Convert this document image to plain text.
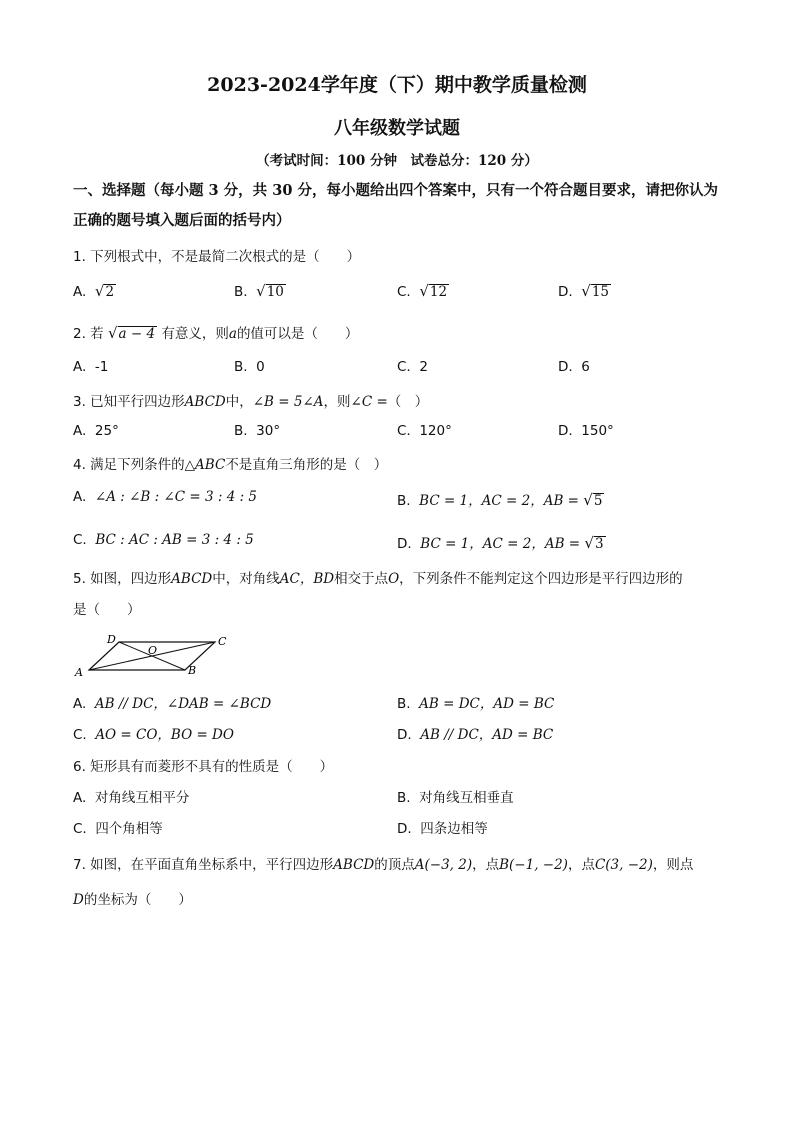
2023-2024学年度（下）期中教学质量检测
八年级数学试题
（考试时间：100 分钟　试卷总分：120 分）
一、选择题（每小题 3 分，共 30 分，每小题给出四个答案中，只有一个符合题目要求，请把你认为正确的题号填入题后面的括号内）
1. 下列根式中，不是最简二次根式的是（　　）
A. √2	B. √10	C. √12	D. √15
2. 若 √a − 4 有意义，则a的值可以是（　　）
A. -1	B. 0	C. 2	D. 6
3. 已知平行四边形ABCD中，∠B = 5∠A，则∠C =（　）
A. 25°	B. 30°	C. 120°	D. 150°
4. 满足下列条件的△ABC不是直角三角形的是（　）
A. ∠A : ∠B : ∠C = 3 : 4 : 5	B. BC = 1，AC = 2，AB = √5
C. BC : AC : AB = 3 : 4 : 5	D. BC = 1，AC = 2，AB = √3
5. 如图，四边形ABCD中，对角线AC，BD相交于点O，下列条件不能判定这个四边形是平行四边形的
是（　　）
A	B
C
D
O
A. AB // DC，∠DAB = ∠BCD	B. AB = DC，AD = BC
C. AO = CO，BO = DO	D. AB // DC，AD = BC
6. 矩形具有而菱形不具有的性质是（　　）
A. 对角线互相平分	B. 对角线互相垂直
C. 四个角相等	D. 四条边相等
7. 如图，在平面直角坐标系中，平行四边形ABCD的顶点A(−3, 2)，点B(−1, −2)，点C(3, −2)，则点
D的坐标为（　　）
